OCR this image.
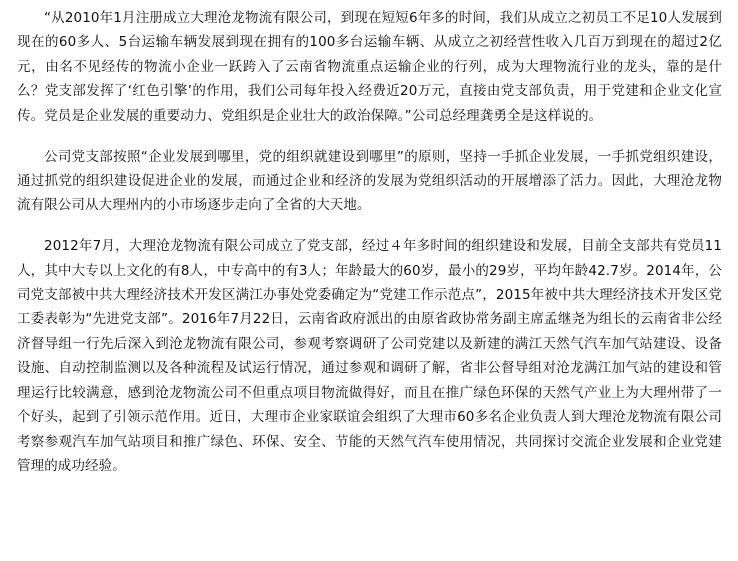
“从2010年1月注册成立大理沧龙物流有限公司，到现在短短6年多的时间，我们从成立之初员工不足10人发展到现在的60多人、5台运输车辆发展到现在拥有的100多台运输车辆、从成立之初经营性收入几百万到现在的超过2亿元，由名不见经传的物流小企业一跃跨入了云南省物流重点运输企业的行列，成为大理物流行业的龙头，靠的是什么？党支部发挥了‘红色引擎’的作用，我们公司每年投入经费近20万元，直接由党支部负责，用于党建和企业文化宣传。党员是企业发展的重要动力、党组织是企业壮大的政治保障。”公司总经理龚勇全是这样说的。

公司党支部按照“企业发展到哪里，党的组织就建设到哪里”的原则，坚持一手抓企业发展，一手抓党组织建设，通过抓党的组织建设促进企业的发展，而通过企业和经济的发展为党组织活动的开展增添了活力。因此，大理沧龙物流有限公司从大理州内的小市场逐步走向了全省的大天地。

2012年7月，大理沧龙物流有限公司成立了党支部，经过４年多时间的组织建设和发展，目前全支部共有党员11人，其中大专以上文化的有8人，中专高中的有3人；年龄最大的60岁，最小的29岁，平均年龄42.7岁。2014年，公司党支部被中共大理经济技术开发区满江办事处党委确定为“党建工作示范点”，2015年被中共大理经济技术开发区党工委表彰为“先进党支部”。2016年7月22日，云南省政府派出的由原省政协常务副主席孟继尧为组长的云南省非公经济督导组一行先后深入到沧龙物流有限公司，参观考察调研了公司党建以及新建的满江天然气汽车加气站建设、设备设施、自动控制监测以及各种流程及试运行情况，通过参观和调研了解，省非公督导组对沧龙满江加气站的建设和管理运行比较满意，感到沧龙物流公司不但重点项目物流做得好，而且在推广绿色环保的天然气产业上为大理州带了一个好头，起到了引领示范作用。近日，大理市企业家联谊会组织了大理市60多名企业负责人到大理沧龙物流有限公司考察参观汽车加气站项目和推广绿色、环保、安全、节能的天然气汽车使用情况，共同探讨交流企业发展和企业党建管理的成功经验。
